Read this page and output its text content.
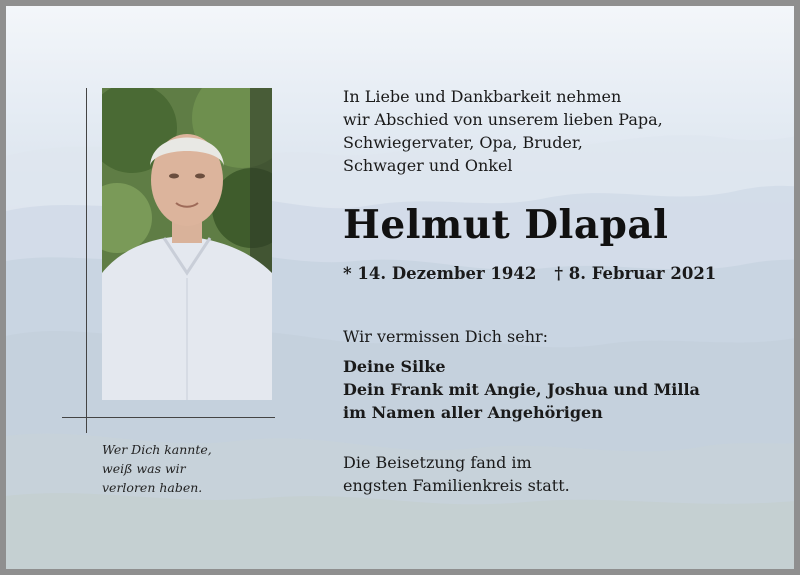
Wer Dich kannte,
weiß was wir
verloren haben.
In Liebe und Dankbarkeit nehmen
wir Abschied von unserem lieben Papa,
Schwiegervater, Opa, Bruder,
Schwager und Onkel
Helmut Dlapal
* 14. Dezember 1942 † 8. Februar 2021
Wir vermissen Dich sehr:
Deine Silke
Dein Frank mit Angie, Joshua und Milla
im Namen aller Angehörigen
Die Beisetzung fand im
engsten Familienkreis statt.
